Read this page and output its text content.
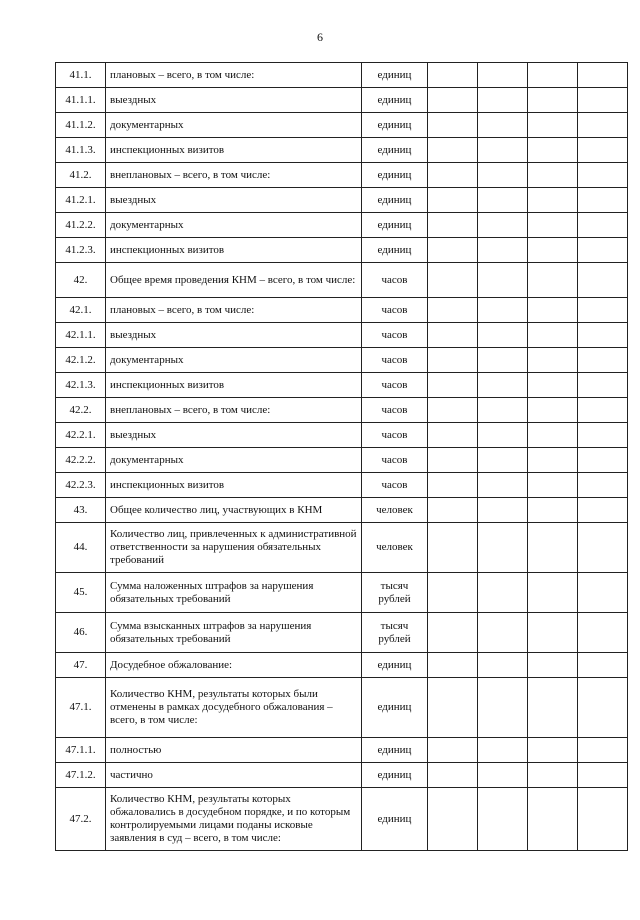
6
41.1.	плановых – всего, в том числе:	единиц				
41.1.1.	выездных	единиц				
41.1.2.	документарных	единиц				
41.1.3.	инспекционных визитов	единиц				
41.2.	внеплановых – всего, в том числе:	единиц				
41.2.1.	выездных	единиц				
41.2.2.	документарных	единиц				
41.2.3.	инспекционных визитов	единиц				
42.	Общее время проведения КНМ – всего, в том числе:	часов				
42.1.	плановых – всего, в том числе:	часов				
42.1.1.	выездных	часов				
42.1.2.	документарных	часов				
42.1.3.	инспекционных визитов	часов				
42.2.	внеплановых – всего, в том числе:	часов				
42.2.1.	выездных	часов				
42.2.2.	документарных	часов				
42.2.3.	инспекционных визитов	часов				
43.	Общее количество лиц, участвующих в КНМ	человек				
44.	Количество лиц, привлеченных к административной ответственности за нарушения обязательных требований	человек				
45.	Сумма наложенных штрафов за нарушения обязательных требований	тысяч рублей				
46.	Сумма взысканных штрафов за нарушения обязательных требований	тысяч рублей				
47.	Досудебное обжалование:	единиц				
47.1.	Количество КНМ, результаты которых были отменены в рамках досудебного обжалования – всего, в том числе:	единиц				
47.1.1.	полностью	единиц				
47.1.2.	частично	единиц				
47.2.	Количество КНМ, результаты которых обжаловались в досудебном порядке, и по которым контролируемыми лицами поданы исковые заявления в суд – всего, в том числе:	единиц				
